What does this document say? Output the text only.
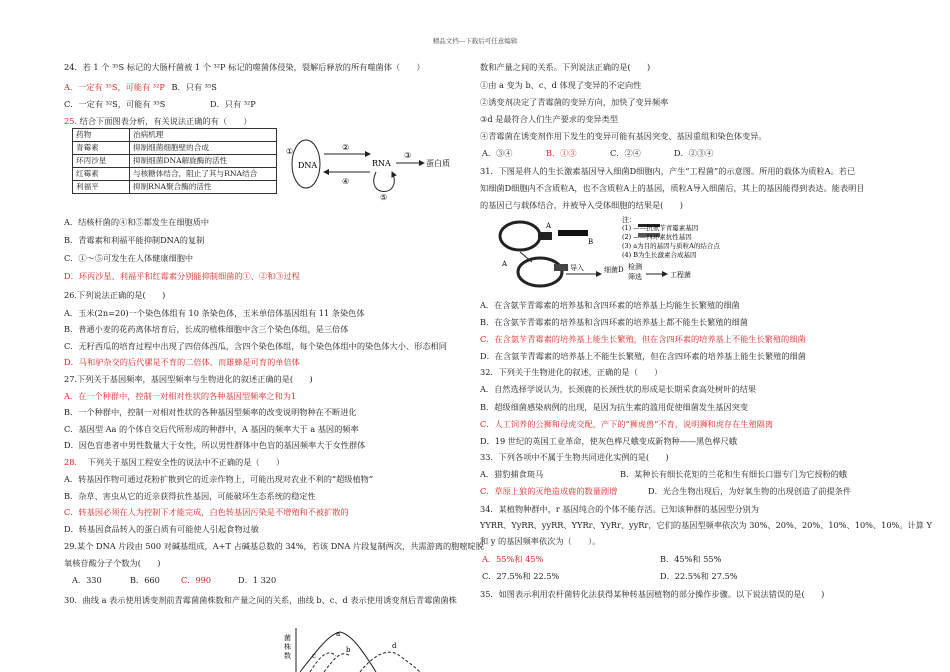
精品文档---下载后可任意编辑
24．若 1 个 ³⁵S 标记的大肠杆菌被 1 个 ³²P 标记的噬菌体侵染，裂解后释放的所有噬菌体（　　）
A．一定有 ³⁵S，可能有 ³²P B．只有 ³⁵S
C．一定有 ³²S，可能有 ³⁵S	D．只有 ³²P
25. 结合下面图表分析，有关说法正确的有（　　）
药物	治病机理
青霉素	抑制细菌细胞壁的合成
环丙沙星	抑制细菌DNA解旋酶的活性
红霉素	与核糖体结合，阻止了其与RNA结合
利福平	抑制RNA聚合酶的活性
DNA
①	②
④
RNA
⑤
③
蛋白质
A．结核杆菌的④和⑤都发生在细胞质中
B．青霉素和利福平能抑制DNA的复制
C．①～⑤可发生在人体健康细胞中
D．环丙沙星、利福平和红霉素分别能抑制细菌的①、②和③过程
26.下列说法正确的是(　　)
A．玉米(2n=20)一个染色体组有 10 条染色体，玉米单倍体基因组有 11 条染色体
B．普通小麦的花药离体培育后，长成的植株细胞中含三个染色体组，是三倍体
C．无籽西瓜的培育过程中出现了四倍体西瓜，含四个染色体组，每个染色体组中的染色体大小、形态相同
D．马和驴杂交的后代骡是不育的二倍体，而雄蜂是可育的单倍体
27.下列关于基因频率，基因型频率与生物进化的叙述正确的是(　　)
A．在一个种群中，控制一对相对性状的各种基因型频率之和为1
B．一个种群中，控制一对相对性状的各种基因型频率的改变说明物种在不断进化
C．基因型 Aa 的个体自交后代所形成的种群中，A 基因的频率大于 a 基因的频率
D．因色盲患者中男性数量大于女性，所以男性群体中色盲的基因频率大于女性群体
28. 下列关于基因工程安全性的说法中不正确的是（　　）
A．转基因作物可通过花粉扩散到它的近亲作物上，可能出现对农业不利的“超级植物”
B．杂草、害虫从它的近亲获得抗性基因，可能破坏生态系统的稳定性
C．转基因必须在人为控制下才能完成，白色转基因污染是不增殖和不被扩散的
D．转基因食品转入的蛋白质有可能使人引起食物过敏
29.某个 DNA 片段由 500 对碱基组成，A+T 占碱基总数的 34%，若该 DNA 片段复制两次，共需游离的胞嘧啶脱
氧核苷酸分子个数为(　　)
A．330	B．660	C．990	D．1 320
30．曲线 a 表示使用诱变剂前青霉菌菌株数和产量之间的关系，曲线 b、c、d 表示使用诱变剂后青霉菌菌株
数和产量之间的关系。下列说法正确的是(　　)
①由 a 变为 b、c、d 体现了变异的不定向性
②诱变剂决定了青霉菌的变异方向，加快了变异频率
③d 是最符合人们生产要求的变异类型
④青霉菌在诱变剂作用下发生的变异可能有基因突变、基因重组和染色体变异。
A．③④	B．①③	C．②④	D．②③④
31．下图是将人的生长激素基因导入细菌D细胞内，产生“工程菌”的示意图。所用的载体为质粒A。若已
知细菌D细胞内不含质粒A，也不含质粒A上的基因，质粒A导入细菌后，其上的基因能得到表达。能表明目
的基因已与载体结合，并被导入受体细胞的结果是(　　)
A
B
A	导入	细菌D 检测
筛选	工程菌
注：
(1) ——抗氨苄青霉素基因
(2) ——四环素抗性基因
(3) a为目的基因与质粒A的结合点
(4) B为生长激素合成基因
A．在含氨苄青霉素的培养基和含四环素的培养基上均能生长繁殖的细菌
B．在含氨苄青霉素的培养基和含四环素的培养基上都不能生长繁殖的细菌
C．在含氨苄青霉素的培养基上能生长繁殖，但在含四环素的培养基上不能生长繁殖的细菌
D．在含氨苄青霉素的培养基上不能生长繁殖，但在含四环素的培养基上能生长繁殖的细菌
32．下列关于生物进化的叙述，正确的是（　　）
A．自然选择学说认为，长颈鹿的长颈性状的形成是长期采食高处树叶的结果
B．超级细菌感染病例的出现，是因为抗生素的滥用促使细菌发生基因突变
C．人工饲养的公狮和母虎交配，产下的“狮虎兽”不育，说明狮和虎存在生殖隔离
D．19 世纪的英国工业革命，使灰色桦尺蛾变成新物种——黑色桦尺蛾
33．下列各项中不属于生物共同进化实例的是(　　)
A．猎豹捕食斑马	B．某种长有细长花矩的兰花和生有细长口器专门为它授粉的蛾
C．草原上狼的灭绝造成鹿的数量剧增	D．光合生物出现后，为好氧生物的出现创造了前提条件
34．某植物种群中，r 基因纯合的个体不能存活。已知该种群的基因型分别为
YYRR、YyRR、yyRR、YYRr、YyRr、yyRr，它们的基因型频率依次为 30%、20%、20%、10%、10%、10%。计算 Y
和 y 的基因频率依次为（　　）。
A．55%和 45%	B．45%和 55%
C．27.5%和 22.5%	D．22.5%和 27.5%
35．如图表示利用农杆菌转化法获得某种转基因植物的部分操作步骤。以下说法错误的是(　　)
菌 株 数
a
c
b	d
